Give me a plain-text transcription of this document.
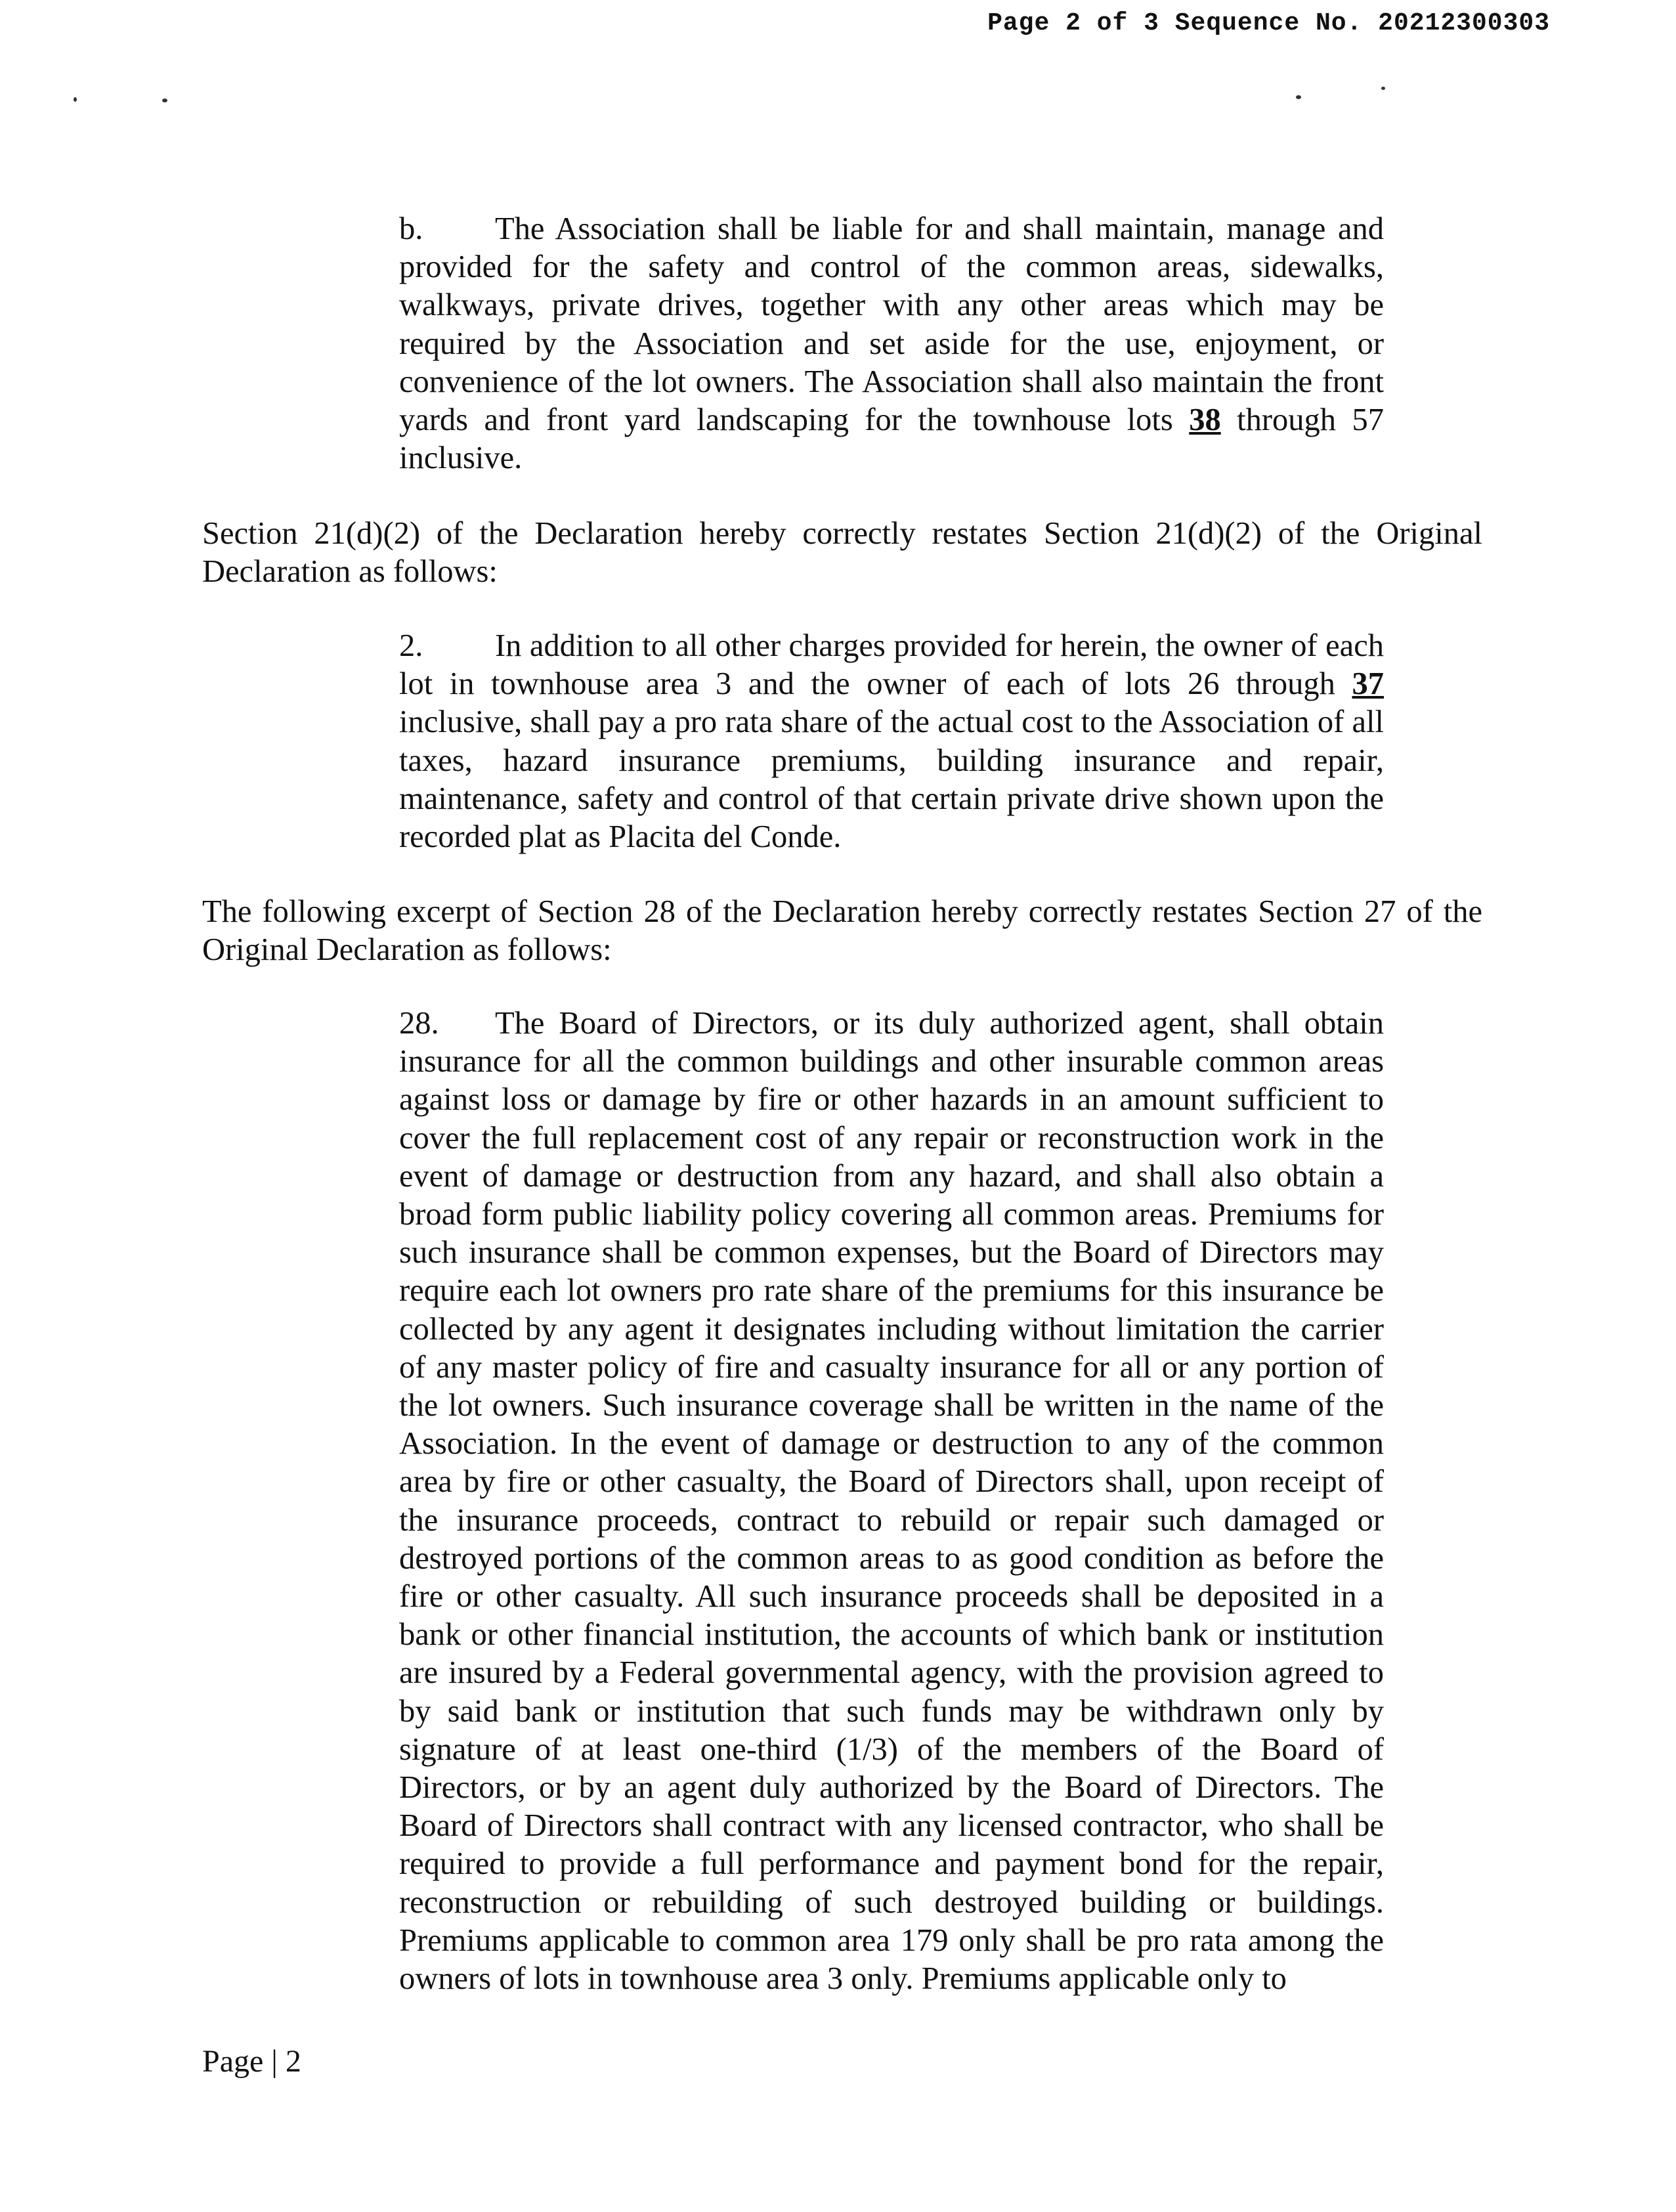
Page 2 of 3 Sequence No. 20212300303

b. The Association shall be liable for and shall maintain, manage and provided for the safety and control of the common areas, sidewalks, walkways, private drives, together with any other areas which may be required by the Association and set aside for the use, enjoyment, or convenience of the lot owners. The Association shall also maintain the front yards and front yard landscaping for the townhouse lots 38 through 57 inclusive.

Section 21(d)(2) of the Declaration hereby correctly restates Section 21(d)(2) of the Original Declaration as follows:

2. In addition to all other charges provided for herein, the owner of each lot in townhouse area 3 and the owner of each of lots 26 through 37 inclusive, shall pay a pro rata share of the actual cost to the Association of all taxes, hazard insurance premiums, building insurance and repair, maintenance, safety and control of that certain private drive shown upon the recorded plat as Placita del Conde.

The following excerpt of Section 28 of the Declaration hereby correctly restates Section 27 of the Original Declaration as follows:

28. The Board of Directors, or its duly authorized agent, shall obtain insurance for all the common buildings and other insurable common areas against loss or damage by fire or other hazards in an amount sufficient to cover the full replacement cost of any repair or reconstruction work in the event of damage or destruction from any hazard, and shall also obtain a broad form public liability policy covering all common areas. Premiums for such insurance shall be common expenses, but the Board of Directors may require each lot owners pro rate share of the premiums for this insurance be collected by any agent it designates including without limitation the carrier of any master policy of fire and casualty insurance for all or any portion of the lot owners. Such insurance coverage shall be written in the name of the Association. In the event of damage or destruction to any of the common area by fire or other casualty, the Board of Directors shall, upon receipt of the insurance proceeds, contract to rebuild or repair such damaged or destroyed portions of the common areas to as good condition as before the fire or other casualty. All such insurance proceeds shall be deposited in a bank or other financial institution, the accounts of which bank or institution are insured by a Federal governmental agency, with the provision agreed to by said bank or institution that such funds may be withdrawn only by signature of at least one-third (1/3) of the members of the Board of Directors, or by an agent duly authorized by the Board of Directors. The Board of Directors shall contract with any licensed contractor, who shall be required to provide a full performance and payment bond for the repair, reconstruction or rebuilding of such destroyed building or buildings. Premiums applicable to common area 179 only shall be pro rata among the owners of lots in townhouse area 3 only. Premiums applicable only to

Page | 2
